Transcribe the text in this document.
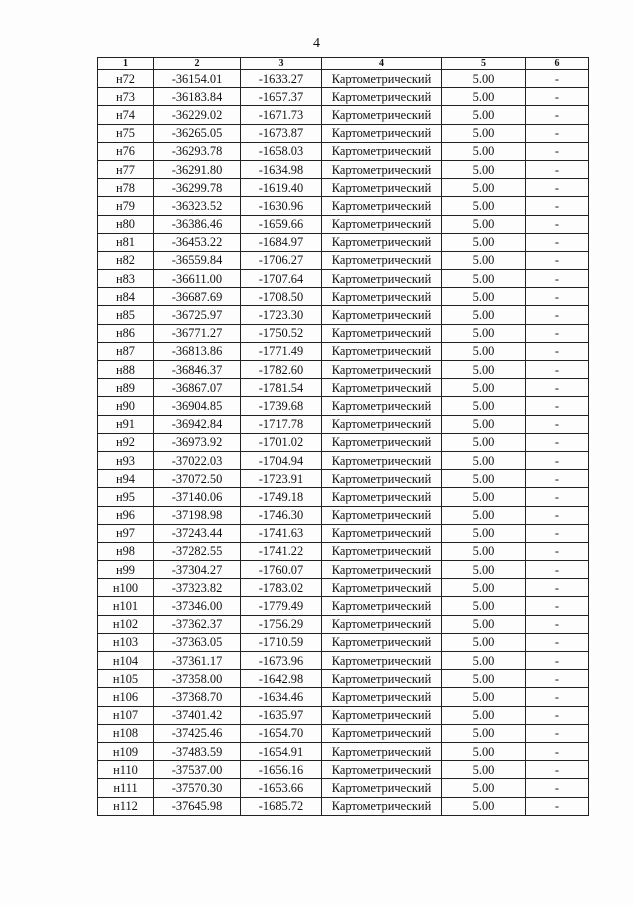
4
1	2	3	4	5	6
н72	-36154.01	-1633.27	Картометрический	5.00	-
н73	-36183.84	-1657.37	Картометрический	5.00	-
н74	-36229.02	-1671.73	Картометрический	5.00	-
н75	-36265.05	-1673.87	Картометрический	5.00	-
н76	-36293.78	-1658.03	Картометрический	5.00	-
н77	-36291.80	-1634.98	Картометрический	5.00	-
н78	-36299.78	-1619.40	Картометрический	5.00	-
н79	-36323.52	-1630.96	Картометрический	5.00	-
н80	-36386.46	-1659.66	Картометрический	5.00	-
н81	-36453.22	-1684.97	Картометрический	5.00	-
н82	-36559.84	-1706.27	Картометрический	5.00	-
н83	-36611.00	-1707.64	Картометрический	5.00	-
н84	-36687.69	-1708.50	Картометрический	5.00	-
н85	-36725.97	-1723.30	Картометрический	5.00	-
н86	-36771.27	-1750.52	Картометрический	5.00	-
н87	-36813.86	-1771.49	Картометрический	5.00	-
н88	-36846.37	-1782.60	Картометрический	5.00	-
н89	-36867.07	-1781.54	Картометрический	5.00	-
н90	-36904.85	-1739.68	Картометрический	5.00	-
н91	-36942.84	-1717.78	Картометрический	5.00	-
н92	-36973.92	-1701.02	Картометрический	5.00	-
н93	-37022.03	-1704.94	Картометрический	5.00	-
н94	-37072.50	-1723.91	Картометрический	5.00	-
н95	-37140.06	-1749.18	Картометрический	5.00	-
н96	-37198.98	-1746.30	Картометрический	5.00	-
н97	-37243.44	-1741.63	Картометрический	5.00	-
н98	-37282.55	-1741.22	Картометрический	5.00	-
н99	-37304.27	-1760.07	Картометрический	5.00	-
н100	-37323.82	-1783.02	Картометрический	5.00	-
н101	-37346.00	-1779.49	Картометрический	5.00	-
н102	-37362.37	-1756.29	Картометрический	5.00	-
н103	-37363.05	-1710.59	Картометрический	5.00	-
н104	-37361.17	-1673.96	Картометрический	5.00	-
н105	-37358.00	-1642.98	Картометрический	5.00	-
н106	-37368.70	-1634.46	Картометрический	5.00	-
н107	-37401.42	-1635.97	Картометрический	5.00	-
н108	-37425.46	-1654.70	Картометрический	5.00	-
н109	-37483.59	-1654.91	Картометрический	5.00	-
н110	-37537.00	-1656.16	Картометрический	5.00	-
н111	-37570.30	-1653.66	Картометрический	5.00	-
н112	-37645.98	-1685.72	Картометрический	5.00	-
